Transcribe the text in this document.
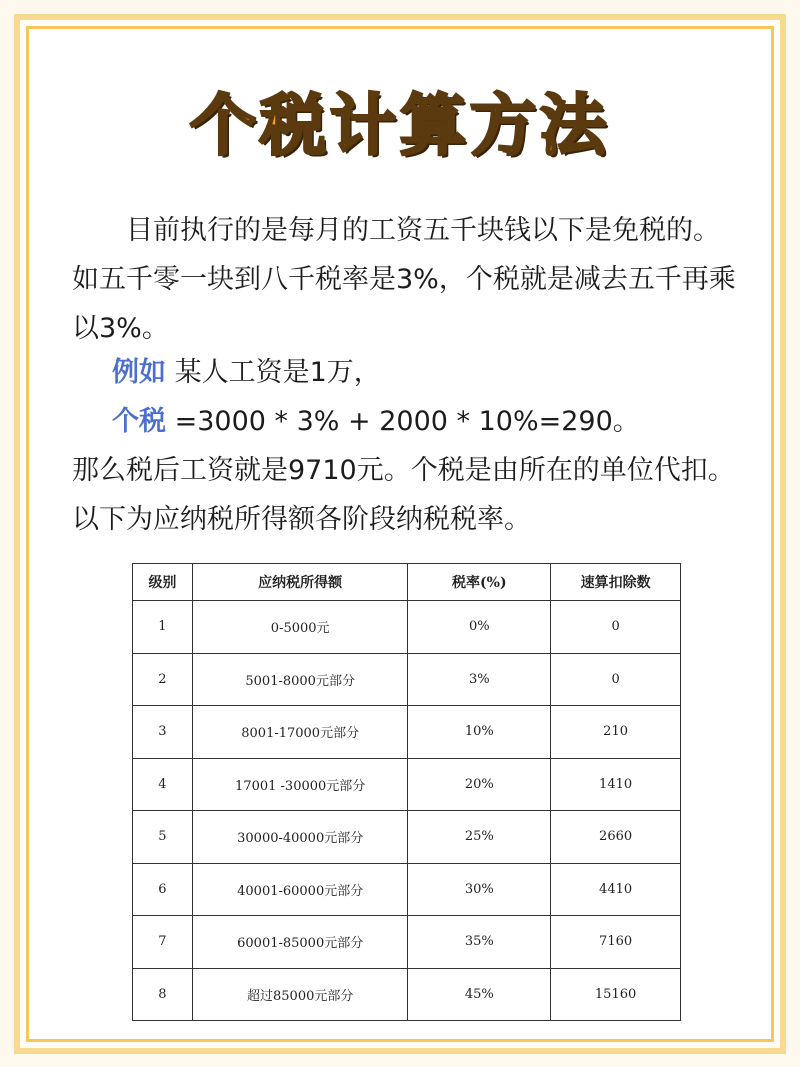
个税计算方法
目前执行的是每月的工资五千块钱以下是免税的。如五千零一块到八千税率是3%，个税就是减去五千再乘以3%。
例如 某人工资是1万，
个税 =3000 * 3% + 2000 * 10%=290。
那么税后工资就是9710元。个税是由所在的单位代扣。以下为应纳税所得额各阶段纳税税率。
级别	应纳税所得额	税率(%)	速算扣除数
1	0-5000元	0%	0
2	5001-8000元部分	3%	0
3	8001-17000元部分	10%	210
4	17001 -30000元部分	20%	1410
5	30000-40000元部分	25%	2660
6	40001-60000元部分	30%	4410
7	60001-85000元部分	35%	7160
8	超过85000元部分	45%	15160
